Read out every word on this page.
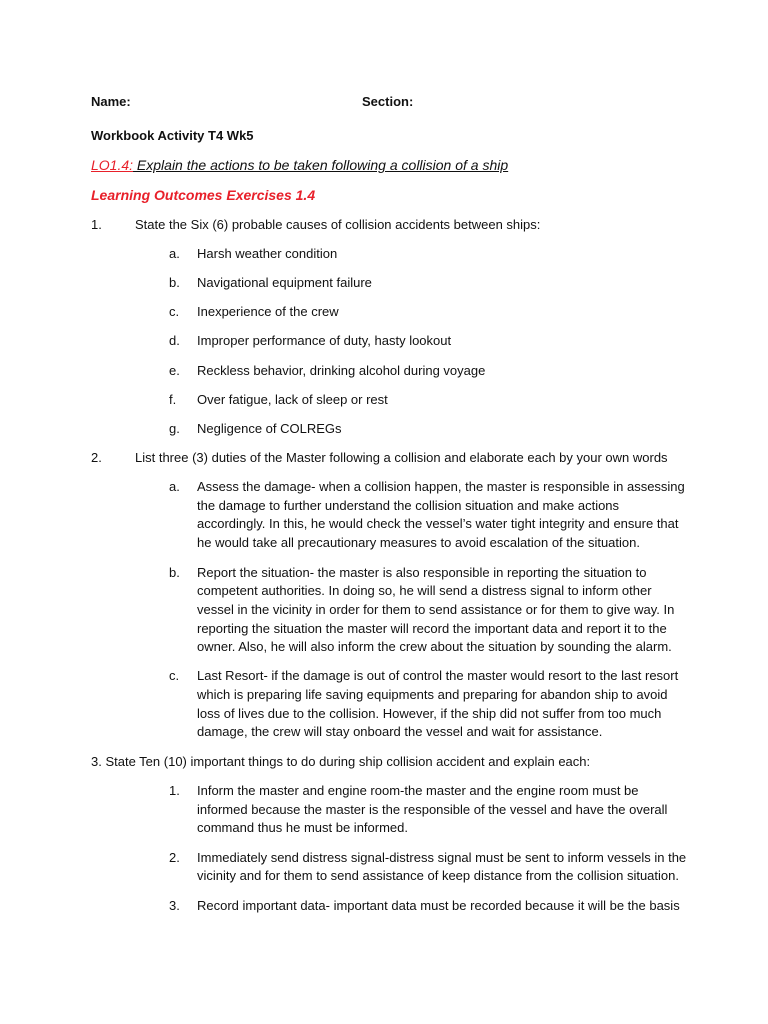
Name:	Section:
Workbook Activity T4 Wk5
LO1.4: Explain the actions to be taken following a collision of a ship
Learning Outcomes Exercises 1.4
1.	State the Six (6) probable causes of collision accidents between ships:
a. Harsh weather condition
b. Navigational equipment failure
c. Inexperience of the crew
d. Improper performance of duty, hasty lookout
e. Reckless behavior, drinking alcohol during voyage
f. Over fatigue, lack of sleep or rest
g. Negligence of COLREGs
2.	List three (3) duties of the Master following a collision and elaborate each by your own words
a. Assess the damage- when a collision happen, the master is responsible in assessing
the damage to further understand the collision situation and make actions
accordingly. In this, he would check the vessel’s water tight integrity and ensure that
he would take all precautionary measures to avoid escalation of the situation.
b. Report the situation- the master is also responsible in reporting the situation to
competent authorities. In doing so, he will send a distress signal to inform other
vessel in the vicinity in order for them to send assistance or for them to give way. In
reporting the situation the master will record the important data and report it to the
owner. Also, he will also inform the crew about the situation by sounding the alarm.
c. Last Resort- if the damage is out of control the master would resort to the last resort
which is preparing life saving equipments and preparing for abandon ship to avoid
loss of lives due to the collision. However, if the ship did not suffer from too much
damage, the crew will stay onboard the vessel and wait for assistance.
3. State Ten (10) important things to do during ship collision accident and explain each:
1. Inform the master and engine room-the master and the engine room must be
informed because the master is the responsible of the vessel and have the overall
command thus he must be informed.
2. Immediately send distress signal-distress signal must be sent to inform vessels in the
vicinity and for them to send assistance of keep distance from the collision situation.
3. Record important data- important data must be recorded because it will be the basis
